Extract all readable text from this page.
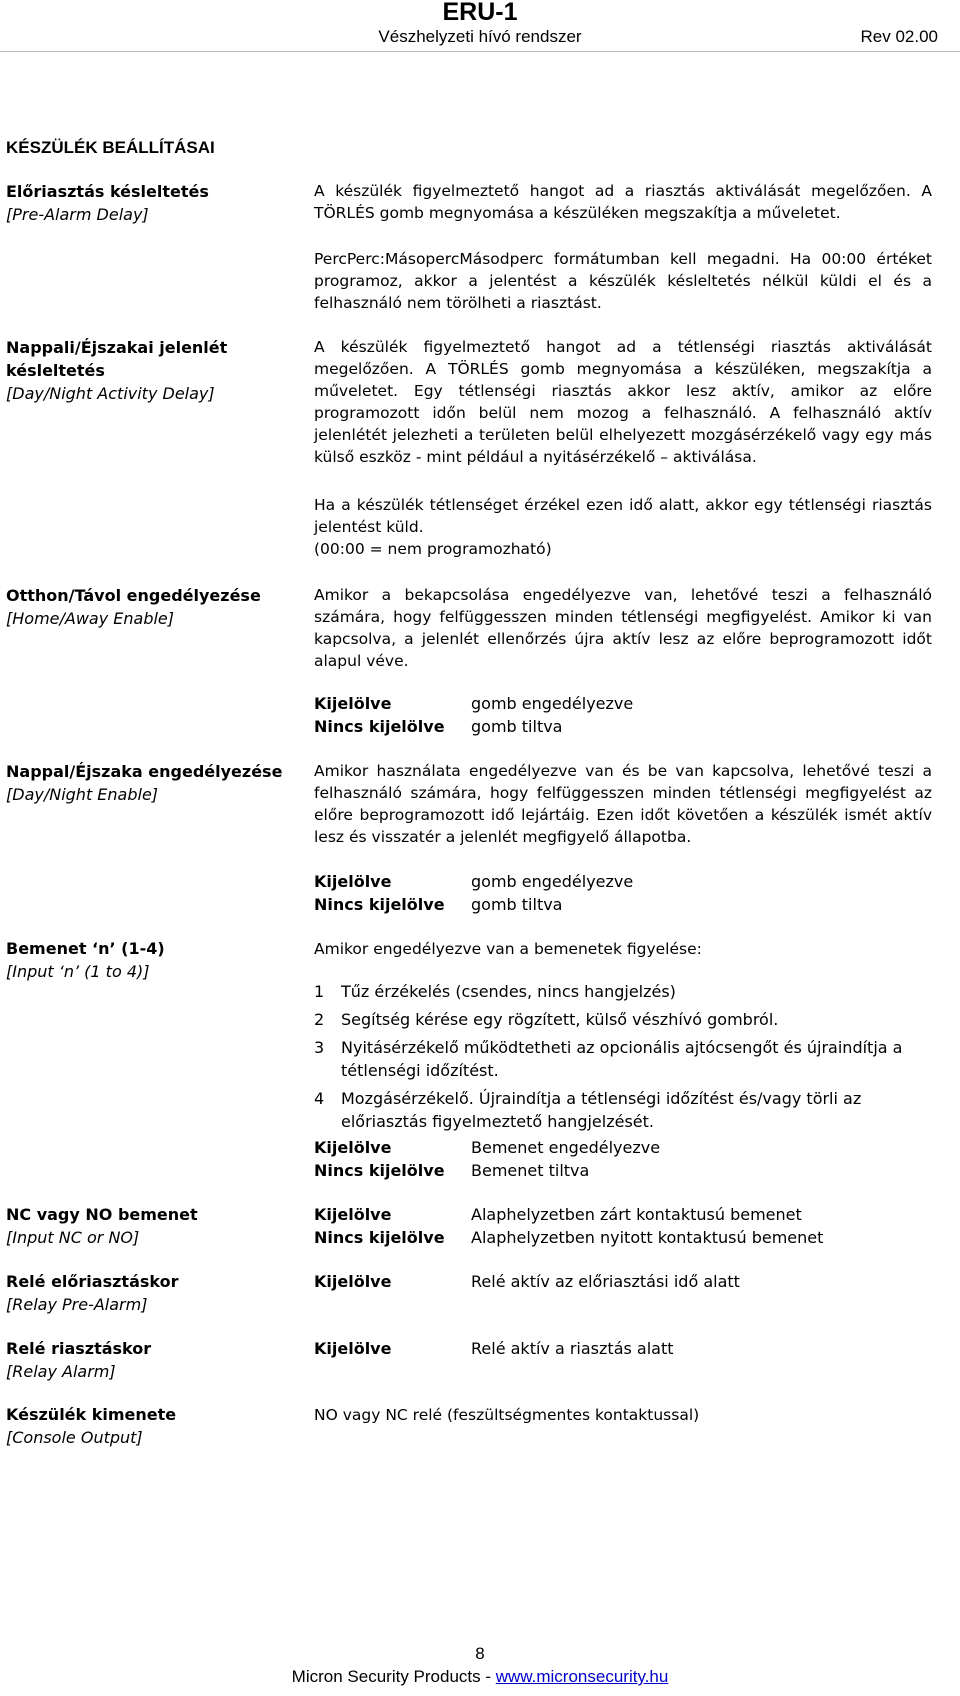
ERU-1
Vészhelyzeti hívó rendszer	Rev 02.00
KÉSZÜLÉK BEÁLLÍTÁSAI
Előriasztás késleltetés
[Pre-Alarm Delay]

A készülék figyelmeztető hangot ad a riasztás aktiválását megelőzően. A TÖRLÉS gomb megnyomása a készüléken megszakítja a műveletet.

PercPerc:MásopercMásodperc formátumban kell megadni. Ha 00:00 értéket programoz, akkor a jelentést a készülék késleltetés nélkül küldi el és a felhasználó nem törölheti a riasztást.

Nappali/Éjszakai jelenlét késleltetés
[Day/Night Activity Delay]

A készülék figyelmeztető hangot ad a tétlenségi riasztás aktiválását megelőzően. A TÖRLÉS gomb megnyomása a készüléken, megszakítja a műveletet. Egy tétlenségi riasztás akkor lesz aktív, amikor az előre programozott időn belül nem mozog a felhasználó. A felhasználó aktív jelenlétét jelezheti a területen belül elhelyezett mozgásérzékelő vagy egy más külső eszköz - mint például a nyitásérzékelő – aktiválása.

Ha a készülék tétlenséget érzékel ezen idő alatt, akkor egy tétlenségi riasztás jelentést küld.

(00:00 = nem programozható)

Otthon/Távol engedélyezése
[Home/Away Enable]

Amikor a bekapcsolása engedélyezve van, lehetővé teszi a felhasználó számára, hogy felfüggesszen minden tétlenségi megfigyelést. Amikor ki van kapcsolva, a jelenlét ellenőrzés újra aktív lesz az előre beprogramozott időt alapul véve.

Kijelölve	gomb engedélyezve
Nincs kijelölve gomb tiltva
Nappal/Éjszaka engedélyezése
[Day/Night Enable]

Amikor használata engedélyezve van és be van kapcsolva, lehetővé teszi a felhasználó számára, hogy felfüggesszen minden tétlenségi megfigyelést az előre beprogramozott idő lejártáig. Ezen időt követően a készülék ismét aktív lesz és visszatér a jelenlét megfigyelő állapotba.

Kijelölve	gomb engedélyezve
Nincs kijelölve gomb tiltva
Bemenet ‘n’ (1-4)
[Input ‘n’ (1 to 4)]

Amikor engedélyezve van a bemenetek figyelése:

1 Tűz érzékelés (csendes, nincs hangjelzés)
2 Segítség kérése egy rögzített, külső vészhívó gombról.
3 Nyitásérzékelő működtetheti az opcionális ajtócsengőt és újraindítja a tétlenségi időzítést.
4 Mozgásérzékelő. Újraindítja a tétlenségi időzítést és/vagy törli az előriasztás figyelmeztető hangjelzését.
Kijelölve	Bemenet engedélyezve
Nincs kijelölve Bemenet tiltva
NC vagy NO bemenet
[Input NC or NO]
Kijelölve	Alaphelyzetben zárt kontaktusú bemenet
Nincs kijelölve Alaphelyzetben nyitott kontaktusú bemenet
Relé előriasztáskor
[Relay Pre-Alarm]
Kijelölve	Relé aktív az előriasztási idő alatt
Relé riasztáskor
[Relay Alarm]
Kijelölve	Relé aktív a riasztás alatt
Készülék kimenete
[Console Output]

NO vagy NC relé (feszültségmentes kontaktussal)

8
Micron Security Products - www.micronsecurity.hu
